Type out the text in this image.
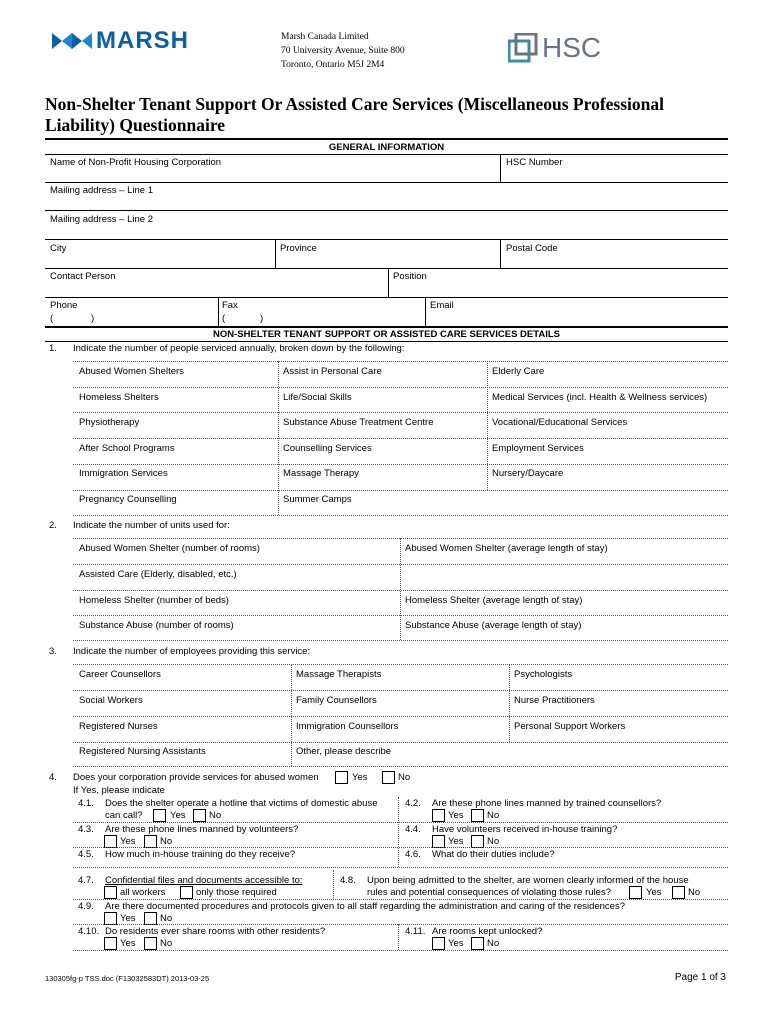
MARSH	Marsh Canada Limited
70 University Avenue, Suite 800
Toronto, Ontario M5J 2M4
HSC
Non-Shelter Tenant Support Or Assisted Care Services (Miscellaneous Professional
Liability) Questionnaire
GENERAL INFORMATION
Name of Non-Profit Housing Corporation	HSC Number
Mailing address – Line 1
Mailing address – Line 2
City	Province	Postal Code
Contact Person	Position
Phone
(	)
Fax
(	)
Email
NON-SHELTER TENANT SUPPORT OR ASSISTED CARE SERVICES DETAILS
1. Indicate the number of people serviced annually, broken down by the following:
Abused Women Shelters	Assist in Personal Care	Elderly Care
Homeless Shelters	Life/Social Skills	Medical Services (incl. Health & Wellness services)
Physiotherapy	Substance Abuse Treatment Centre	Vocational/Educational Services
After School Programs	Counselling Services	Employment Services
Immigration Services	Massage Therapy	Nursery/Daycare
Pregnancy Counselling	Summer Camps
2. Indicate the number of units used for:
Abused Women Shelter (number of rooms)	Abused Women Shelter (average length of stay)
Assisted Care (Elderly, disabled, etc.)
Homeless Shelter (number of beds)	Homeless Shelter (average length of stay)
Substance Abuse (number of rooms)	Substance Abuse (average length of stay)
3. Indicate the number of employees providing this service:
Career Counsellors	Massage Therapists	Psychologists
Social Workers	Family Counsellors	Nurse Practitioners
Registered Nurses	Immigration Counsellors	Personal Support Workers
Registered Nursing Assistants	Other, please describe
4. Does your corporation provide services for abused women	Yes	No
If Yes, please indicate
4.1. Does the shelter operate a hotline that victims of domestic abuse
can call?	Yes No
4.2. Are these phone lines manned by trained counsellors?
Yes No
4.3. Are these phone lines manned by volunteers?
Yes	No
4.4. Have volunteers received in-house training?
Yes No
4.5. How much in-house training do they receive?	4.6. What do their duties include?
4.7. Confidential files and documents accessible to:
all workers	only those required
4.8. Upon being admitted to the shelter, are women clearly informed of the house
rules and potential consequences of violating those rules?	Yes	No
4.9. Are there documented procedures and protocols given to all staff regarding the administration and caring of the residences?
Yes	No
4.10. Do residents ever share rooms with other residents?
Yes	No
4.11. Are rooms kept unlocked?
Yes No
130305fg-p TSS.doc (F13032583DT) 2013-03-25	Page 1 of 3
